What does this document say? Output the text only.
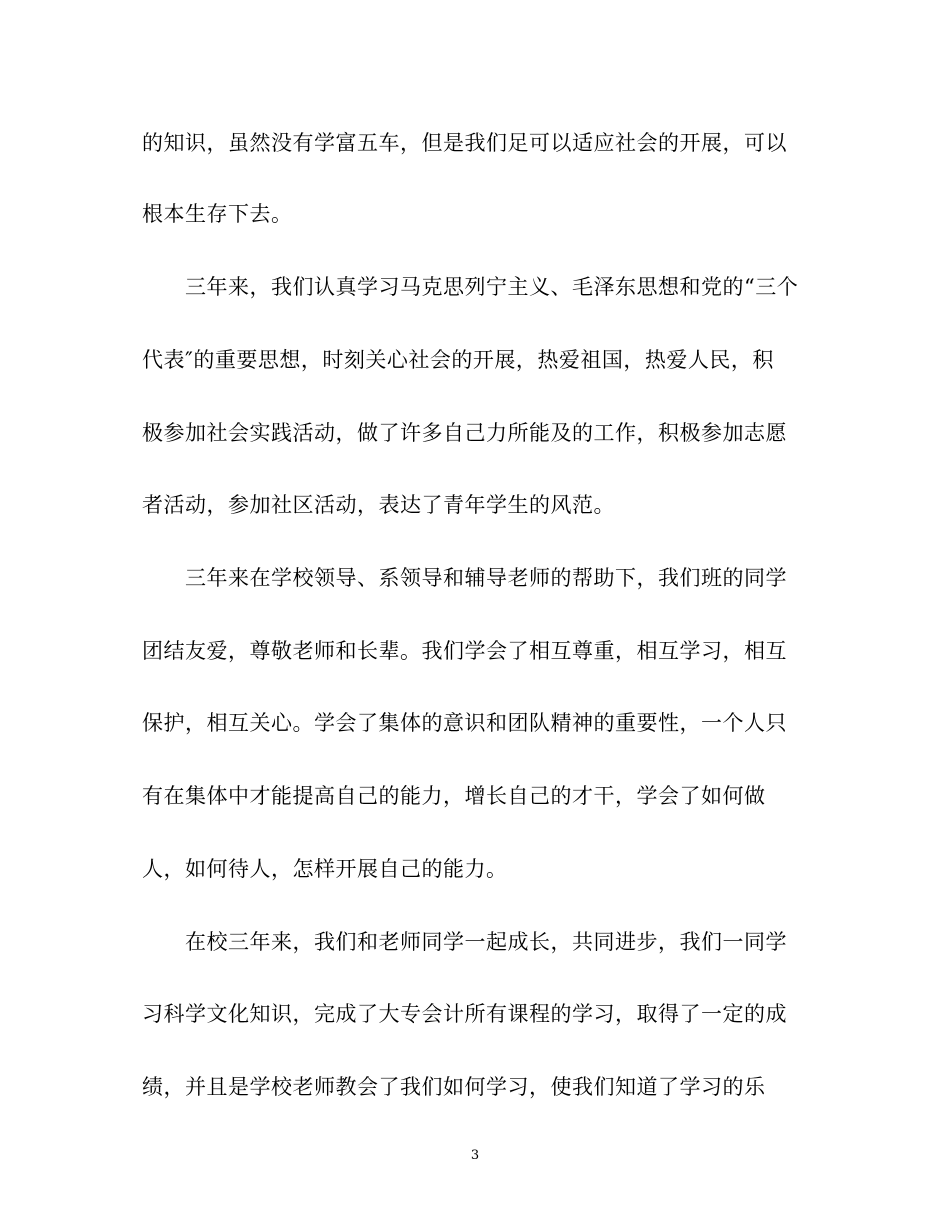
的知识，虽然没有学富五车，但是我们足可以适应社会的开展，可以
根本生存下去。
　　三年来，我们认真学习马克思列宁主义、毛泽东思想和党的“三个
代表″的重要思想，时刻关心社会的开展，热爱祖国，热爱人民，积
极参加社会实践活动，做了许多自己力所能及的工作，积极参加志愿
者活动，参加社区活动，表达了青年学生的风范。
　　三年来在学校领导、系领导和辅导老师的帮助下，我们班的同学
团结友爱，尊敬老师和长辈。我们学会了相互尊重，相互学习，相互
保护，相互关心。学会了集体的意识和团队精神的重要性，一个人只
有在集体中才能提高自己的能力，增长自己的才干，学会了如何做
人，如何待人，怎样开展自己的能力。
　　在校三年来，我们和老师同学一起成长，共同进步，我们一同学
习科学文化知识，完成了大专会计所有课程的学习，取得了一定的成
绩，并且是学校老师教会了我们如何学习，使我们知道了学习的乐
3
